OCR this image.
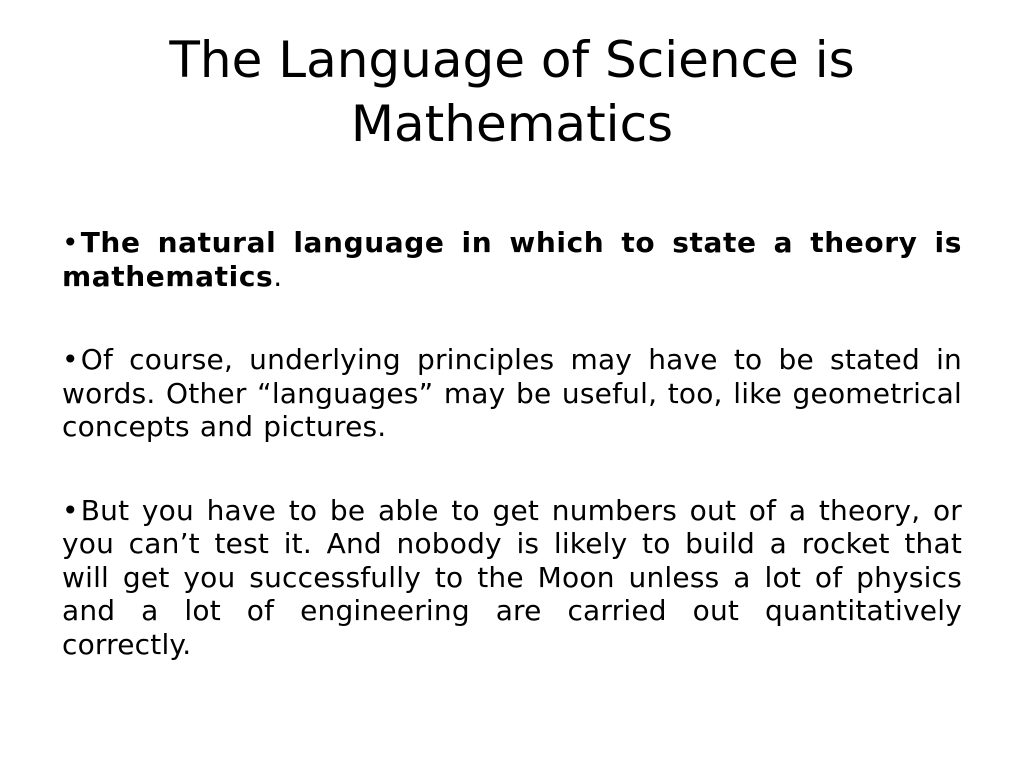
The Language of Science is
Mathematics

•The natural language in which to state a theory is mathematics.

•Of course, underlying principles may have to be stated in words. Other “languages” may be useful, too, like geometrical concepts and pictures.

•But you have to be able to get numbers out of a theory, or you can’t test it. And nobody is likely to build a rocket that will get you successfully to the Moon unless a lot of physics and a lot of engineering are carried out quantitatively correctly.
